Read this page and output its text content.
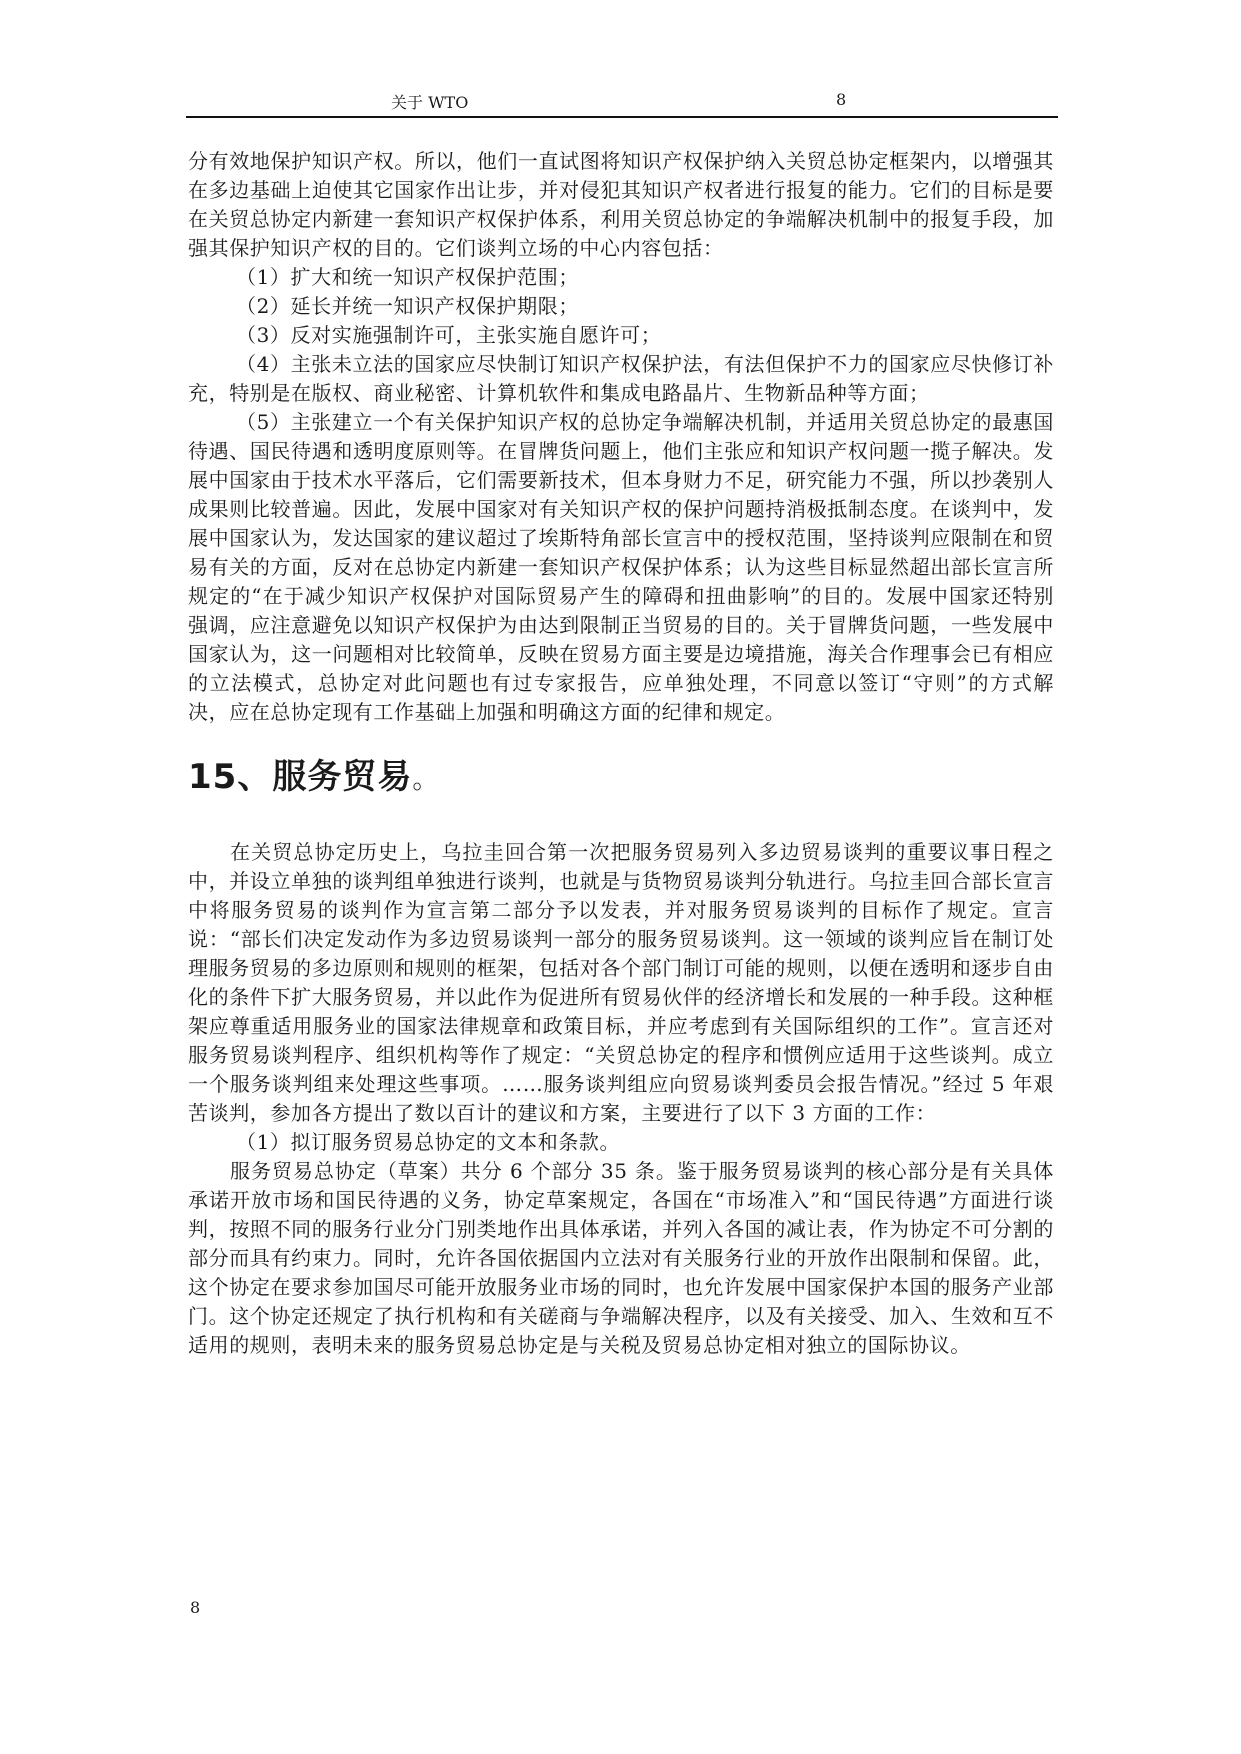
关于 WTO	8

分有效地保护知识产权。所以，他们一直试图将知识产权保护纳入关贸总协定框架内，以增强其在多边基础上迫使其它国家作出让步，并对侵犯其知识产权者进行报复的能力。它们的目标是要在关贸总协定内新建一套知识产权保护体系，利用关贸总协定的争端解决机制中的报复手段，加强其保护知识产权的目的。它们谈判立场的中心内容包括：

（1）扩大和统一知识产权保护范围；

（2）延长并统一知识产权保护期限；

（3）反对实施强制许可，主张实施自愿许可；

（4）主张未立法的国家应尽快制订知识产权保护法，有法但保护不力的国家应尽快修订补充，特别是在版权、商业秘密、计算机软件和集成电路晶片、生物新品种等方面；

（5）主张建立一个有关保护知识产权的总协定争端解决机制，并适用关贸总协定的最惠国待遇、国民待遇和透明度原则等。在冒牌货问题上，他们主张应和知识产权问题一揽子解决。发展中国家由于技术水平落后，它们需要新技术，但本身财力不足，研究能力不强，所以抄袭别人成果则比较普遍。因此，发展中国家对有关知识产权的保护问题持消极抵制态度。在谈判中，发展中国家认为，发达国家的建议超过了埃斯特角部长宣言中的授权范围，坚持谈判应限制在和贸易有关的方面，反对在总协定内新建一套知识产权保护体系；认为这些目标显然超出部长宣言所规定的“在于减少知识产权保护对国际贸易产生的障碍和扭曲影响”的目的。发展中国家还特别强调，应注意避免以知识产权保护为由达到限制正当贸易的目的。关于冒牌货问题，一些发展中国家认为，这一问题相对比较简单，反映在贸易方面主要是边境措施，海关合作理事会已有相应的立法模式，总协定对此问题也有过专家报告，应单独处理，不同意以签订“守则”的方式解决，应在总协定现有工作基础上加强和明确这方面的纪律和规定。

15、服务贸易。

在关贸总协定历史上，乌拉圭回合第一次把服务贸易列入多边贸易谈判的重要议事日程之中，并设立单独的谈判组单独进行谈判，也就是与货物贸易谈判分轨进行。乌拉圭回合部长宣言中将服务贸易的谈判作为宣言第二部分予以发表，并对服务贸易谈判的目标作了规定。宣言说：“部长们决定发动作为多边贸易谈判一部分的服务贸易谈判。这一领域的谈判应旨在制订处理服务贸易的多边原则和规则的框架，包括对各个部门制订可能的规则，以便在透明和逐步自由化的条件下扩大服务贸易，并以此作为促进所有贸易伙伴的经济增长和发展的一种手段。这种框架应尊重适用服务业的国家法律规章和政策目标，并应考虑到有关国际组织的工作”。宣言还对服务贸易谈判程序、组织机构等作了规定：“关贸总协定的程序和惯例应适用于这些谈判。成立一个服务谈判组来处理这些事项。……服务谈判组应向贸易谈判委员会报告情况。”经过 5 年艰苦谈判，参加各方提出了数以百计的建议和方案，主要进行了以下 3 方面的工作：

（1）拟订服务贸易总协定的文本和条款。

服务贸易总协定（草案）共分 6 个部分 35 条。鉴于服务贸易谈判的核心部分是有关具体承诺开放市场和国民待遇的义务，协定草案规定，各国在“市场准入”和“国民待遇”方面进行谈判，按照不同的服务行业分门别类地作出具体承诺，并列入各国的减让表，作为协定不可分割的部分而具有约束力。同时，允许各国依据国内立法对有关服务行业的开放作出限制和保留。此，这个协定在要求参加国尽可能开放服务业市场的同时，也允许发展中国家保护本国的服务产业部门。这个协定还规定了执行机构和有关磋商与争端解决程序，以及有关接受、加入、生效和互不适用的规则，表明未来的服务贸易总协定是与关税及贸易总协定相对独立的国际协议。

8
